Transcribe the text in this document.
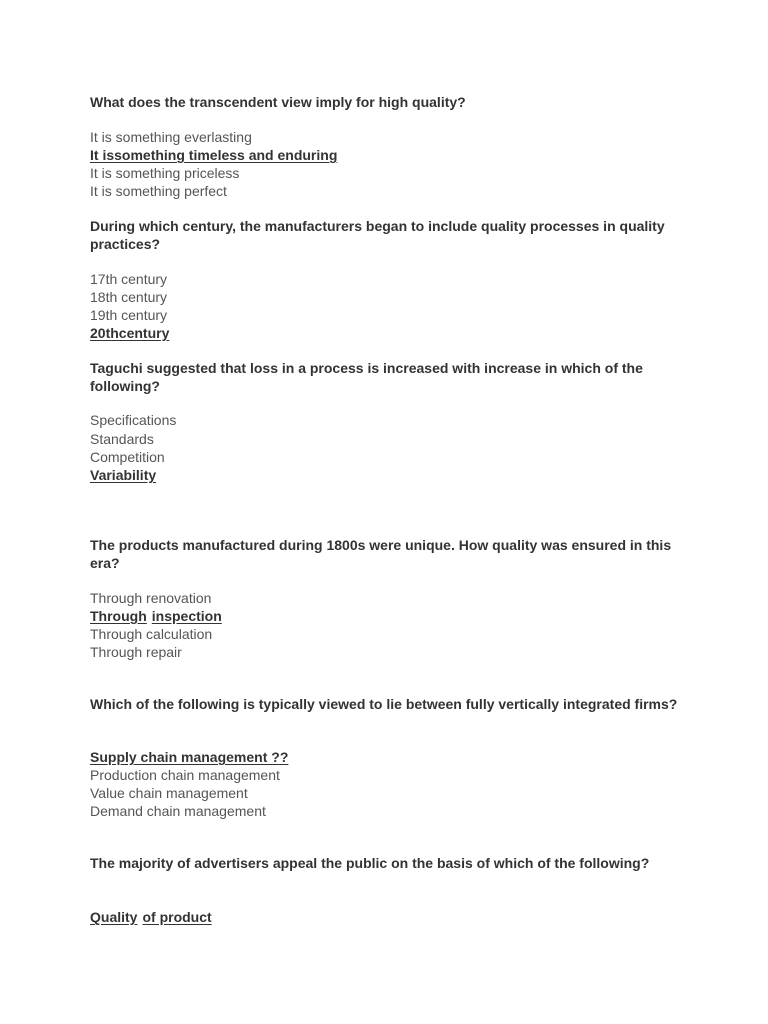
What does the transcendent view imply for high quality?

It is something everlasting
It issomething timeless and enduring
It is something priceless
It is something perfect

During which century, the manufacturers began to include quality processes in quality practices?

17th century
18th century
19th century
20thcentury

Taguchi suggested that loss in a process is increased with increase in which of the following?

Specifications
Standards
Competition
Variability

The products manufactured during 1800s were unique. How quality was ensured in this era?

Through renovation
Through inspection
Through calculation
Through repair

Which of the following is typically viewed to lie between fully vertically integrated firms?

Supply chain management ??
Production chain management
Value chain management
Demand chain management

The majority of advertisers appeal the public on the basis of which of the following?

Quality of product
